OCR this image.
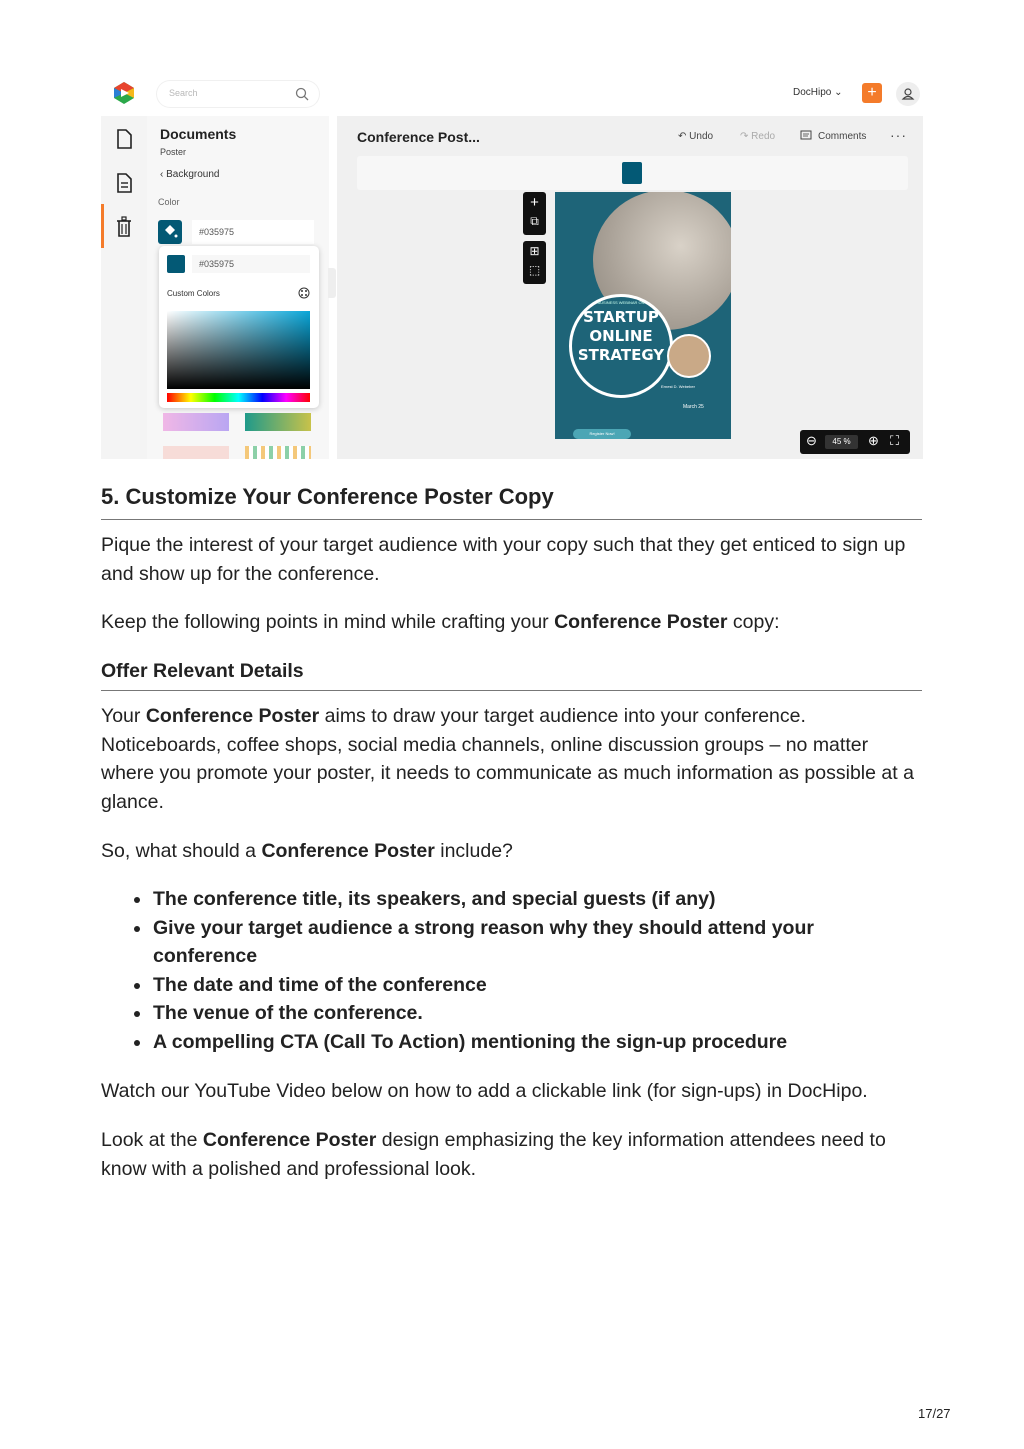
Search	DocHipo ⌄	+
Documents
Poster
‹ Background
Color
#035975
#035975
Custom Colors
Conference Post...	↶ Undo	↷ Redo	Comments ···
+
⧉
⊞
⬚
BUSINESS WEBINAR ON
STARTUP ONLINE STRATEGY
Ernest D. Webeber
March 25
Register Now!	⊖	45 %	⊕ ⛶
5. Customize Your Conference Poster Copy

Pique the interest of your target audience with your copy such that they get enticed to sign up and show up for the conference.

Keep the following points in mind while crafting your Conference Poster copy:

Offer Relevant Details

Your Conference Poster aims to draw your target audience into your conference. Noticeboards, coffee shops, social media channels, online discussion groups – no matter where you promote your poster, it needs to communicate as much information as possible at a glance.

So, what should a Conference Poster include?

The conference title, its speakers, and special guests (if any)
Give your target audience a strong reason why they should attend your conference
The date and time of the conference
The venue of the conference.
A compelling CTA (Call To Action) mentioning the sign-up procedure

Watch our YouTube Video below on how to add a clickable link (for sign-ups) in DocHipo.

Look at the Conference Poster design emphasizing the key information attendees need to know with a polished and professional look.

17/27
